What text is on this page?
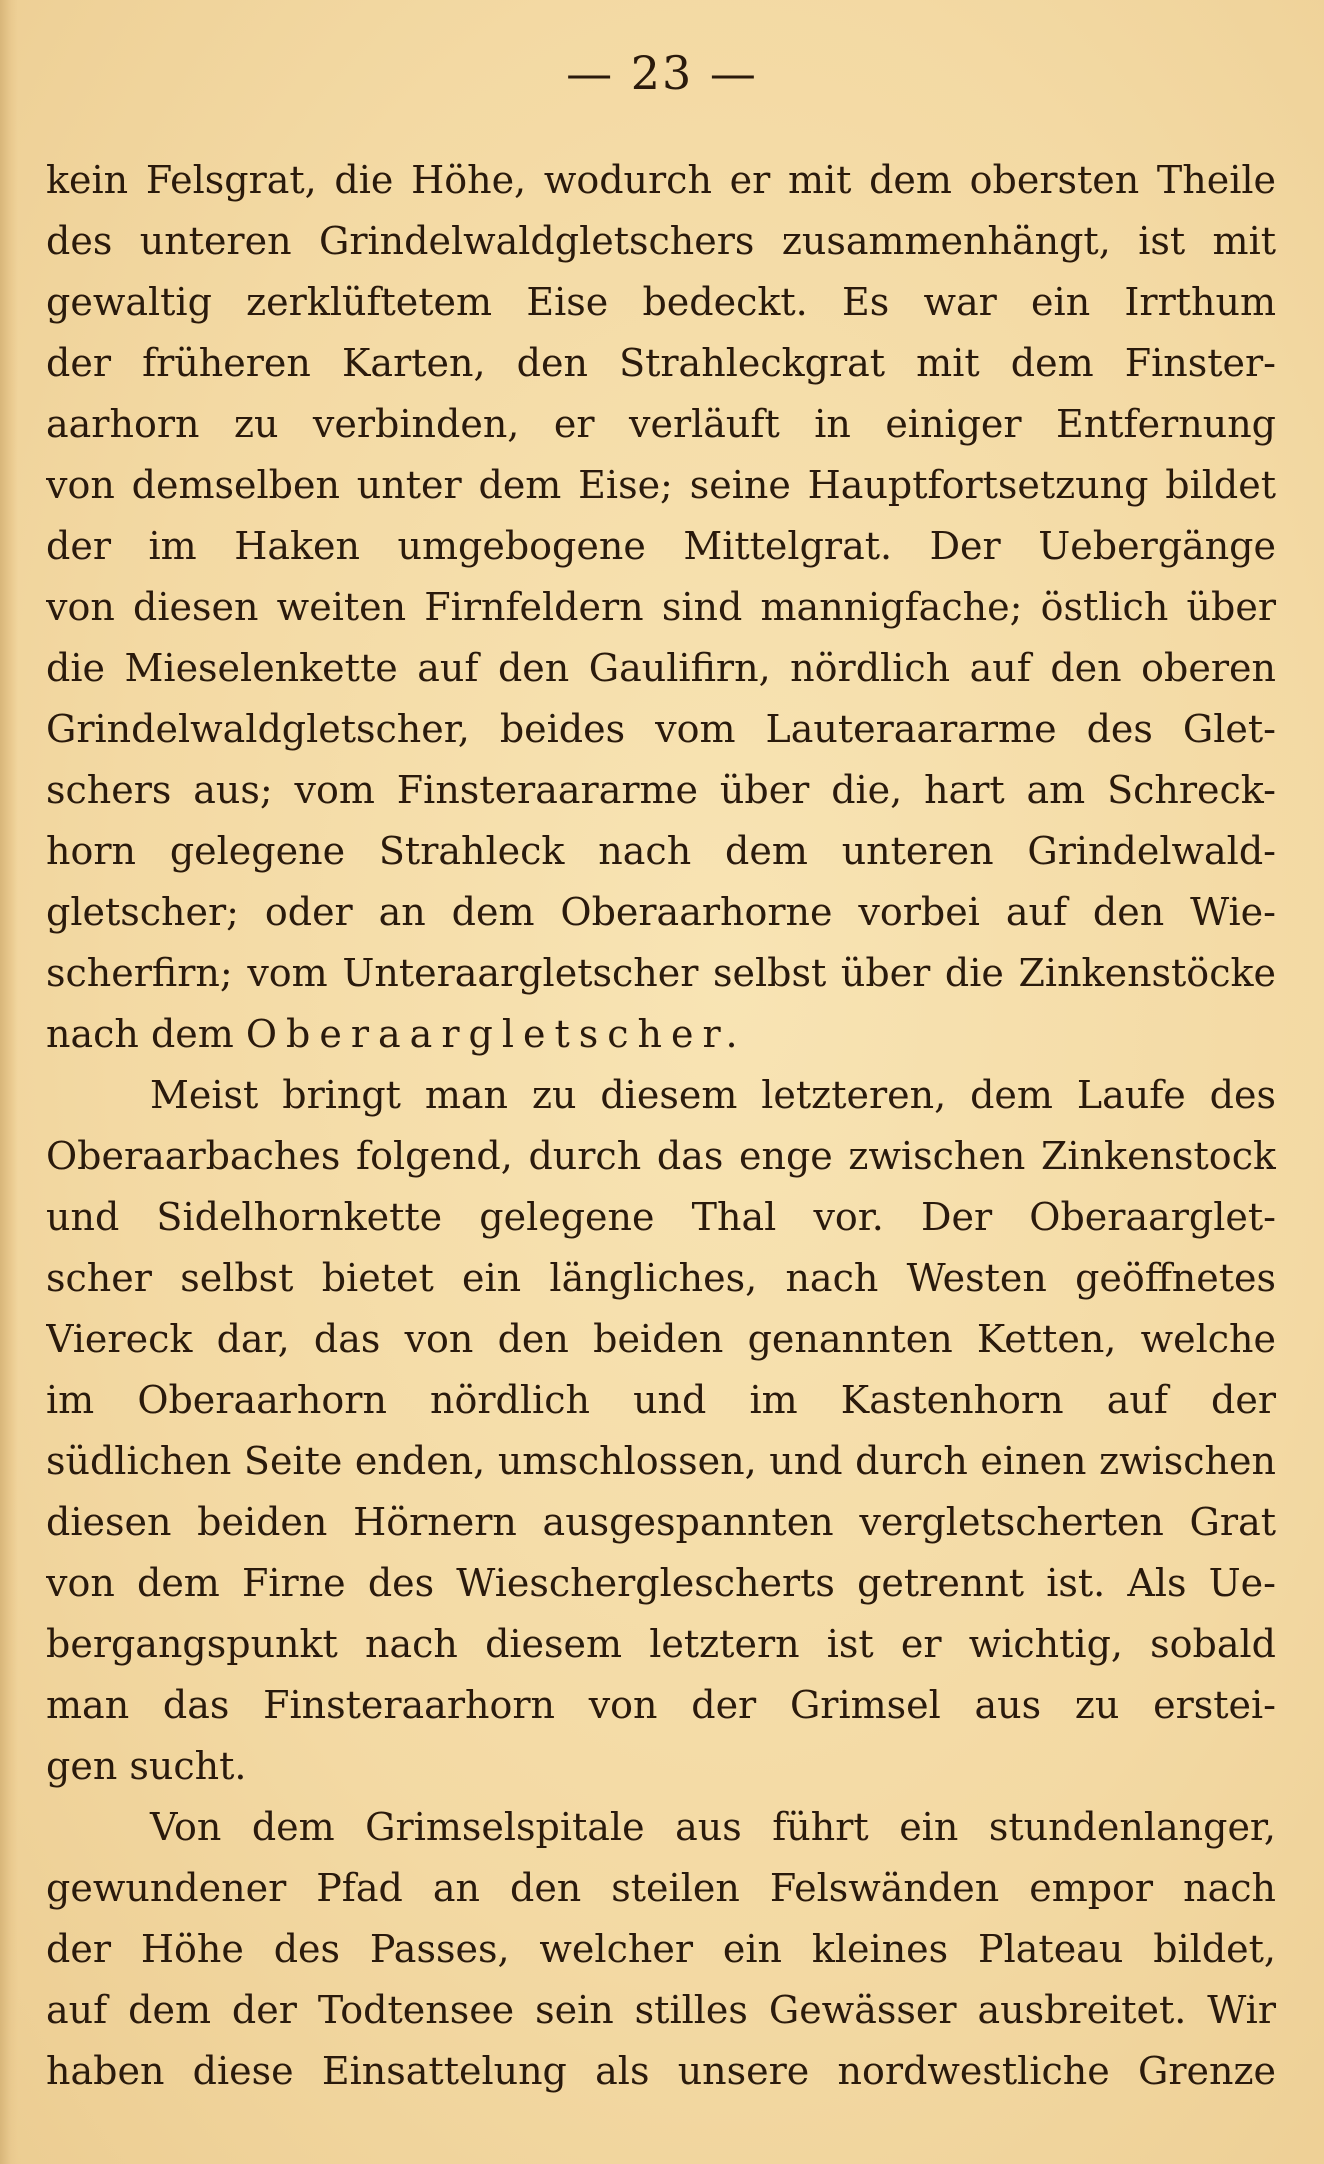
— 23 —
kein Felsgrat, die Höhe, wodurch er mit dem obersten Theile
des unteren Grindelwaldgletschers zusammenhängt, ist mit
gewaltig zerklüftetem Eise bedeckt. Es war ein Irrthum
der früheren Karten, den Strahleckgrat mit dem Finster-
aarhorn zu verbinden, er verläuft in einiger Entfernung
von demselben unter dem Eise; seine Hauptfortsetzung bildet
der im Haken umgebogene Mittelgrat. Der Uebergänge
von diesen weiten Firnfeldern sind mannigfache; östlich über
die Mieselenkette auf den Gaulifirn, nördlich auf den oberen
Grindelwaldgletscher, beides vom Lauteraararme des Glet-
schers aus; vom Finsteraararme über die, hart am Schreck-
horn gelegene Strahleck nach dem unteren Grindelwald-
gletscher; oder an dem Oberaarhorne vorbei auf den Wie-
scherfirn; vom Unteraargletscher selbst über die Zinkenstöcke
nach dem Oberaargletscher.
Meist bringt man zu diesem letzteren, dem Laufe des
Oberaarbaches folgend, durch das enge zwischen Zinkenstock
und Sidelhornkette gelegene Thal vor. Der Oberaarglet-
scher selbst bietet ein längliches, nach Westen geöffnetes
Viereck dar, das von den beiden genannten Ketten, welche
im Oberaarhorn nördlich und im Kastenhorn auf der
südlichen Seite enden, umschlossen, und durch einen zwischen
diesen beiden Hörnern ausgespannten vergletscherten Grat
von dem Firne des Wiescherglescherts getrennt ist. Als Ue-
bergangspunkt nach diesem letztern ist er wichtig, sobald
man das Finsteraarhorn von der Grimsel aus zu erstei-
gen sucht.
Von dem Grimselspitale aus führt ein stundenlanger,
gewundener Pfad an den steilen Felswänden empor nach
der Höhe des Passes, welcher ein kleines Plateau bildet,
auf dem der Todtensee sein stilles Gewässer ausbreitet. Wir
haben diese Einsattelung als unsere nordwestliche Grenze
